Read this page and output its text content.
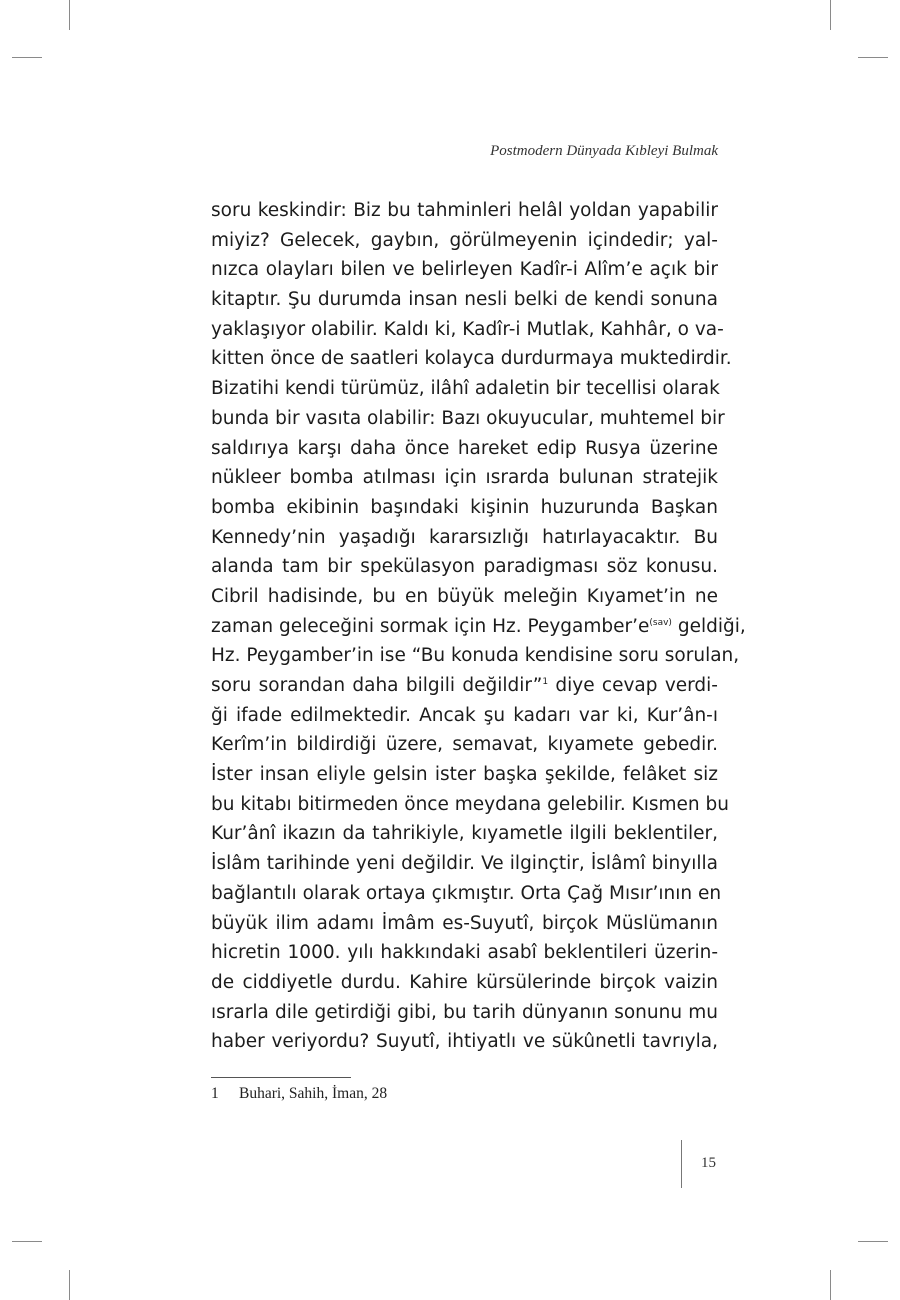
Postmodern Dünyada Kıbleyi Bulmak
soru keskindir: Biz bu tahminleri helâl yoldan yapabilir
miyiz? Gelecek, gaybın, görülmeyenin içindedir; yal-
nızca olayları bilen ve belirleyen Kadîr-i Alîm’e açık bir
kitaptır. Şu durumda insan nesli belki de kendi sonuna
yaklaşıyor olabilir. Kaldı ki, Kadîr-i Mutlak, Kahhâr, o va-
kitten önce de saatleri kolayca durdurmaya muktedirdir.
Bizatihi kendi türümüz, ilâhî adaletin bir tecellisi olarak
bunda bir vasıta olabilir: Bazı okuyucular, muhtemel bir
saldırıya karşı daha önce hareket edip Rusya üzerine
nükleer bomba atılması için ısrarda bulunan stratejik
bomba ekibinin başındaki kişinin huzurunda Başkan
Kennedy’nin yaşadığı kararsızlığı hatırlayacaktır. Bu
alanda tam bir spekülasyon paradigması söz konusu.
Cibril hadisinde, bu en büyük meleğin Kıyamet’in ne
zaman geleceğini sormak için Hz. Peygamber’e$^{(sav)}$ geldiği,
Hz. Peygamber’in ise “Bu konuda kendisine soru sorulan,
soru sorandan daha bilgili değildir”$^1$ diye cevap verdi-
ği ifade edilmektedir. Ancak şu kadarı var ki, Kur’ân-ı
Kerîm’in bildirdiği üzere, semavat, kıyamete gebedir.
İster insan eliyle gelsin ister başka şekilde, felâket siz
bu kitabı bitirmeden önce meydana gelebilir. Kısmen bu
Kur’ânî ikazın da tahrikiyle, kıyametle ilgili beklentiler,
İslâm tarihinde yeni değildir. Ve ilginçtir, İslâmî binyılla
bağlantılı olarak ortaya çıkmıştır. Orta Çağ Mısır’ının en
büyük ilim adamı İmâm es-Suyutî, birçok Müslümanın
hicretin 1000. yılı hakkındaki asabî beklentileri üzerin-
de ciddiyetle durdu. Kahire kürsülerinde birçok vaizin
ısrarla dile getirdiği gibi, bu tarih dünyanın sonunu mu
haber veriyordu? Suyutî, ihtiyatlı ve sükûnetli tavrıyla,
1 Buhari, Sahih, İman, 28
15
